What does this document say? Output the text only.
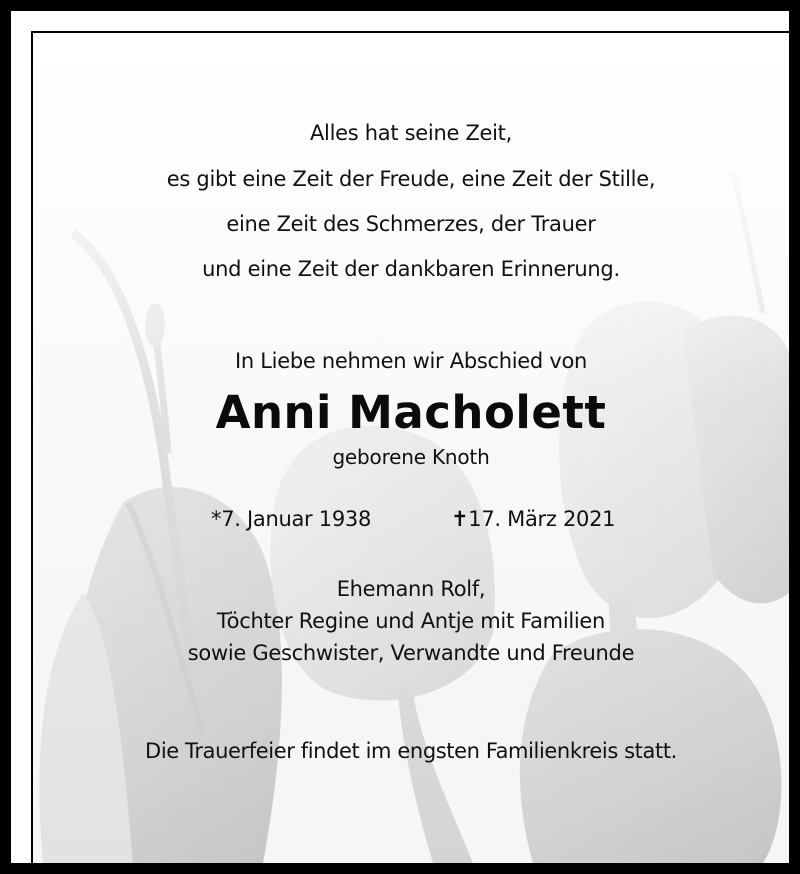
Alles hat seine Zeit,
es gibt eine Zeit der Freude, eine Zeit der Stille,
eine Zeit des Schmerzes, der Trauer
und eine Zeit der dankbaren Erinnerung.
In Liebe nehmen wir Abschied von
Anni Macholett
geborene Knoth
*7. Januar 1938	✝17. März 2021
Ehemann Rolf,
Töchter Regine und Antje mit Familien
sowie Geschwister, Verwandte und Freunde
Die Trauerfeier findet im engsten Familienkreis statt.
